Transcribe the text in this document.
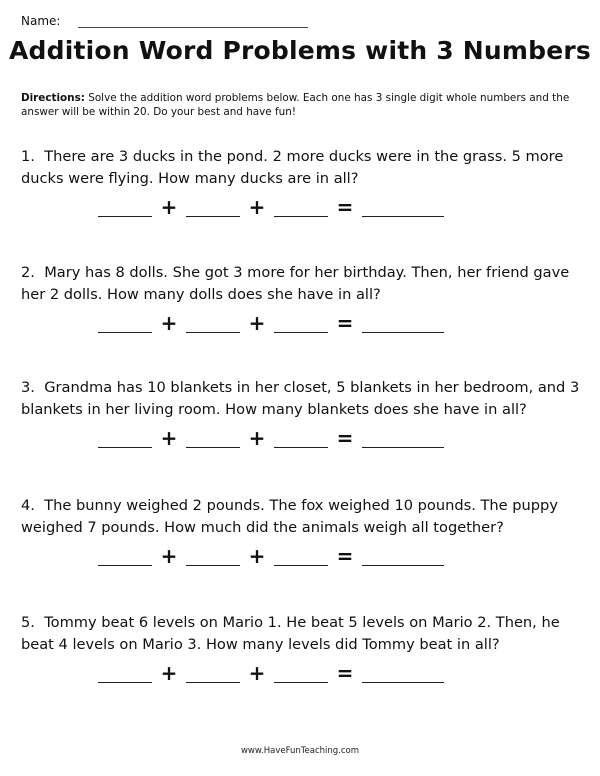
Name:
Addition Word Problems with 3 Numbers
Directions: Solve the addition word problems below. Each one has 3 single digit whole numbers and the answer will be within 20. Do your best and have fun!
1. There are 3 ducks in the pond. 2 more ducks were in the grass. 5 more ducks were flying. How many ducks are in all?
+	+	=
2. Mary has 8 dolls. She got 3 more for her birthday. Then, her friend gave her 2 dolls. How many dolls does she have in all?
+	+	=
3. Grandma has 10 blankets in her closet, 5 blankets in her bedroom, and 3 blankets in her living room. How many blankets does she have in all?
+	+	=
4. The bunny weighed 2 pounds. The fox weighed 10 pounds. The puppy weighed 7 pounds. How much did the animals weigh all together?
+	+	=
5. Tommy beat 6 levels on Mario 1. He beat 5 levels on Mario 2. Then, he beat 4 levels on Mario 3. How many levels did Tommy beat in all?
+	+	=
www.HaveFunTeaching.com
